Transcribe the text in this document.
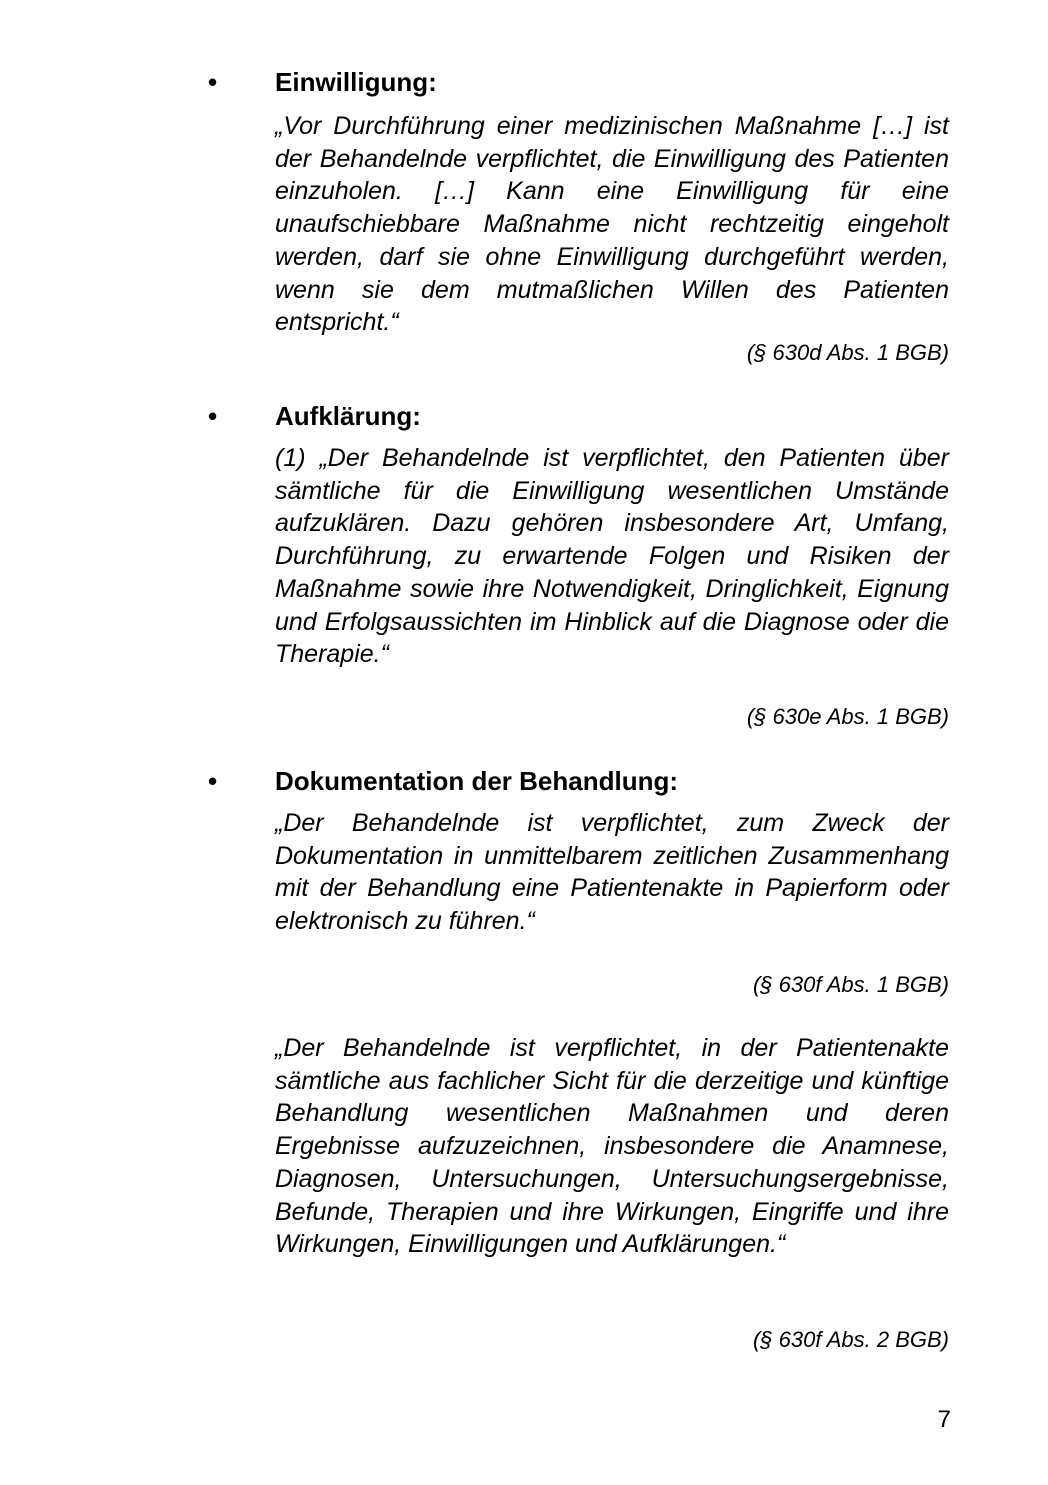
• Einwilligung:

„Vor Durchführung einer medizinischen Maßnahme […] ist der Behandelnde verpflichtet, die Einwilligung des Patienten einzuholen. […] Kann eine Einwilligung für eine unaufschiebbare Maßnahme nicht rechtzeitig eingeholt werden, darf sie ohne Einwilligung durchgeführt werden, wenn sie dem mutmaßlichen Willen des Patienten entspricht.“

(§ 630d Abs. 1 BGB)
• Aufklärung:

(1) „Der Behandelnde ist verpflichtet, den Patienten über sämtliche für die Einwilligung wesentlichen Umstände aufzuklären. Dazu gehören insbesondere Art, Umfang, Durchführung, zu erwartende Folgen und Risiken der Maßnahme sowie ihre Notwendigkeit, Dringlichkeit, Eignung und Erfolgsaussichten im Hinblick auf die Diagnose oder die Therapie.“

(§ 630e Abs. 1 BGB)
• Dokumentation der Behandlung:

„Der Behandelnde ist verpflichtet, zum Zweck der Dokumentation in unmittelbarem zeitlichen Zusammenhang mit der Behandlung eine Patientenakte in Papierform oder elektronisch zu führen.“

(§ 630f Abs. 1 BGB)

„Der Behandelnde ist verpflichtet, in der Patientenakte sämtliche aus fachlicher Sicht für die derzeitige und künftige Behandlung wesentlichen Maßnahmen und deren Ergebnisse aufzuzeichnen, insbesondere die Anamnese, Diagnosen, Untersuchungen, Untersuchungsergebnisse, Befunde, Therapien und ihre Wirkungen, Eingriffe und ihre Wirkungen, Einwilligungen und Aufklärungen.“

(§ 630f Abs. 2 BGB)
7
